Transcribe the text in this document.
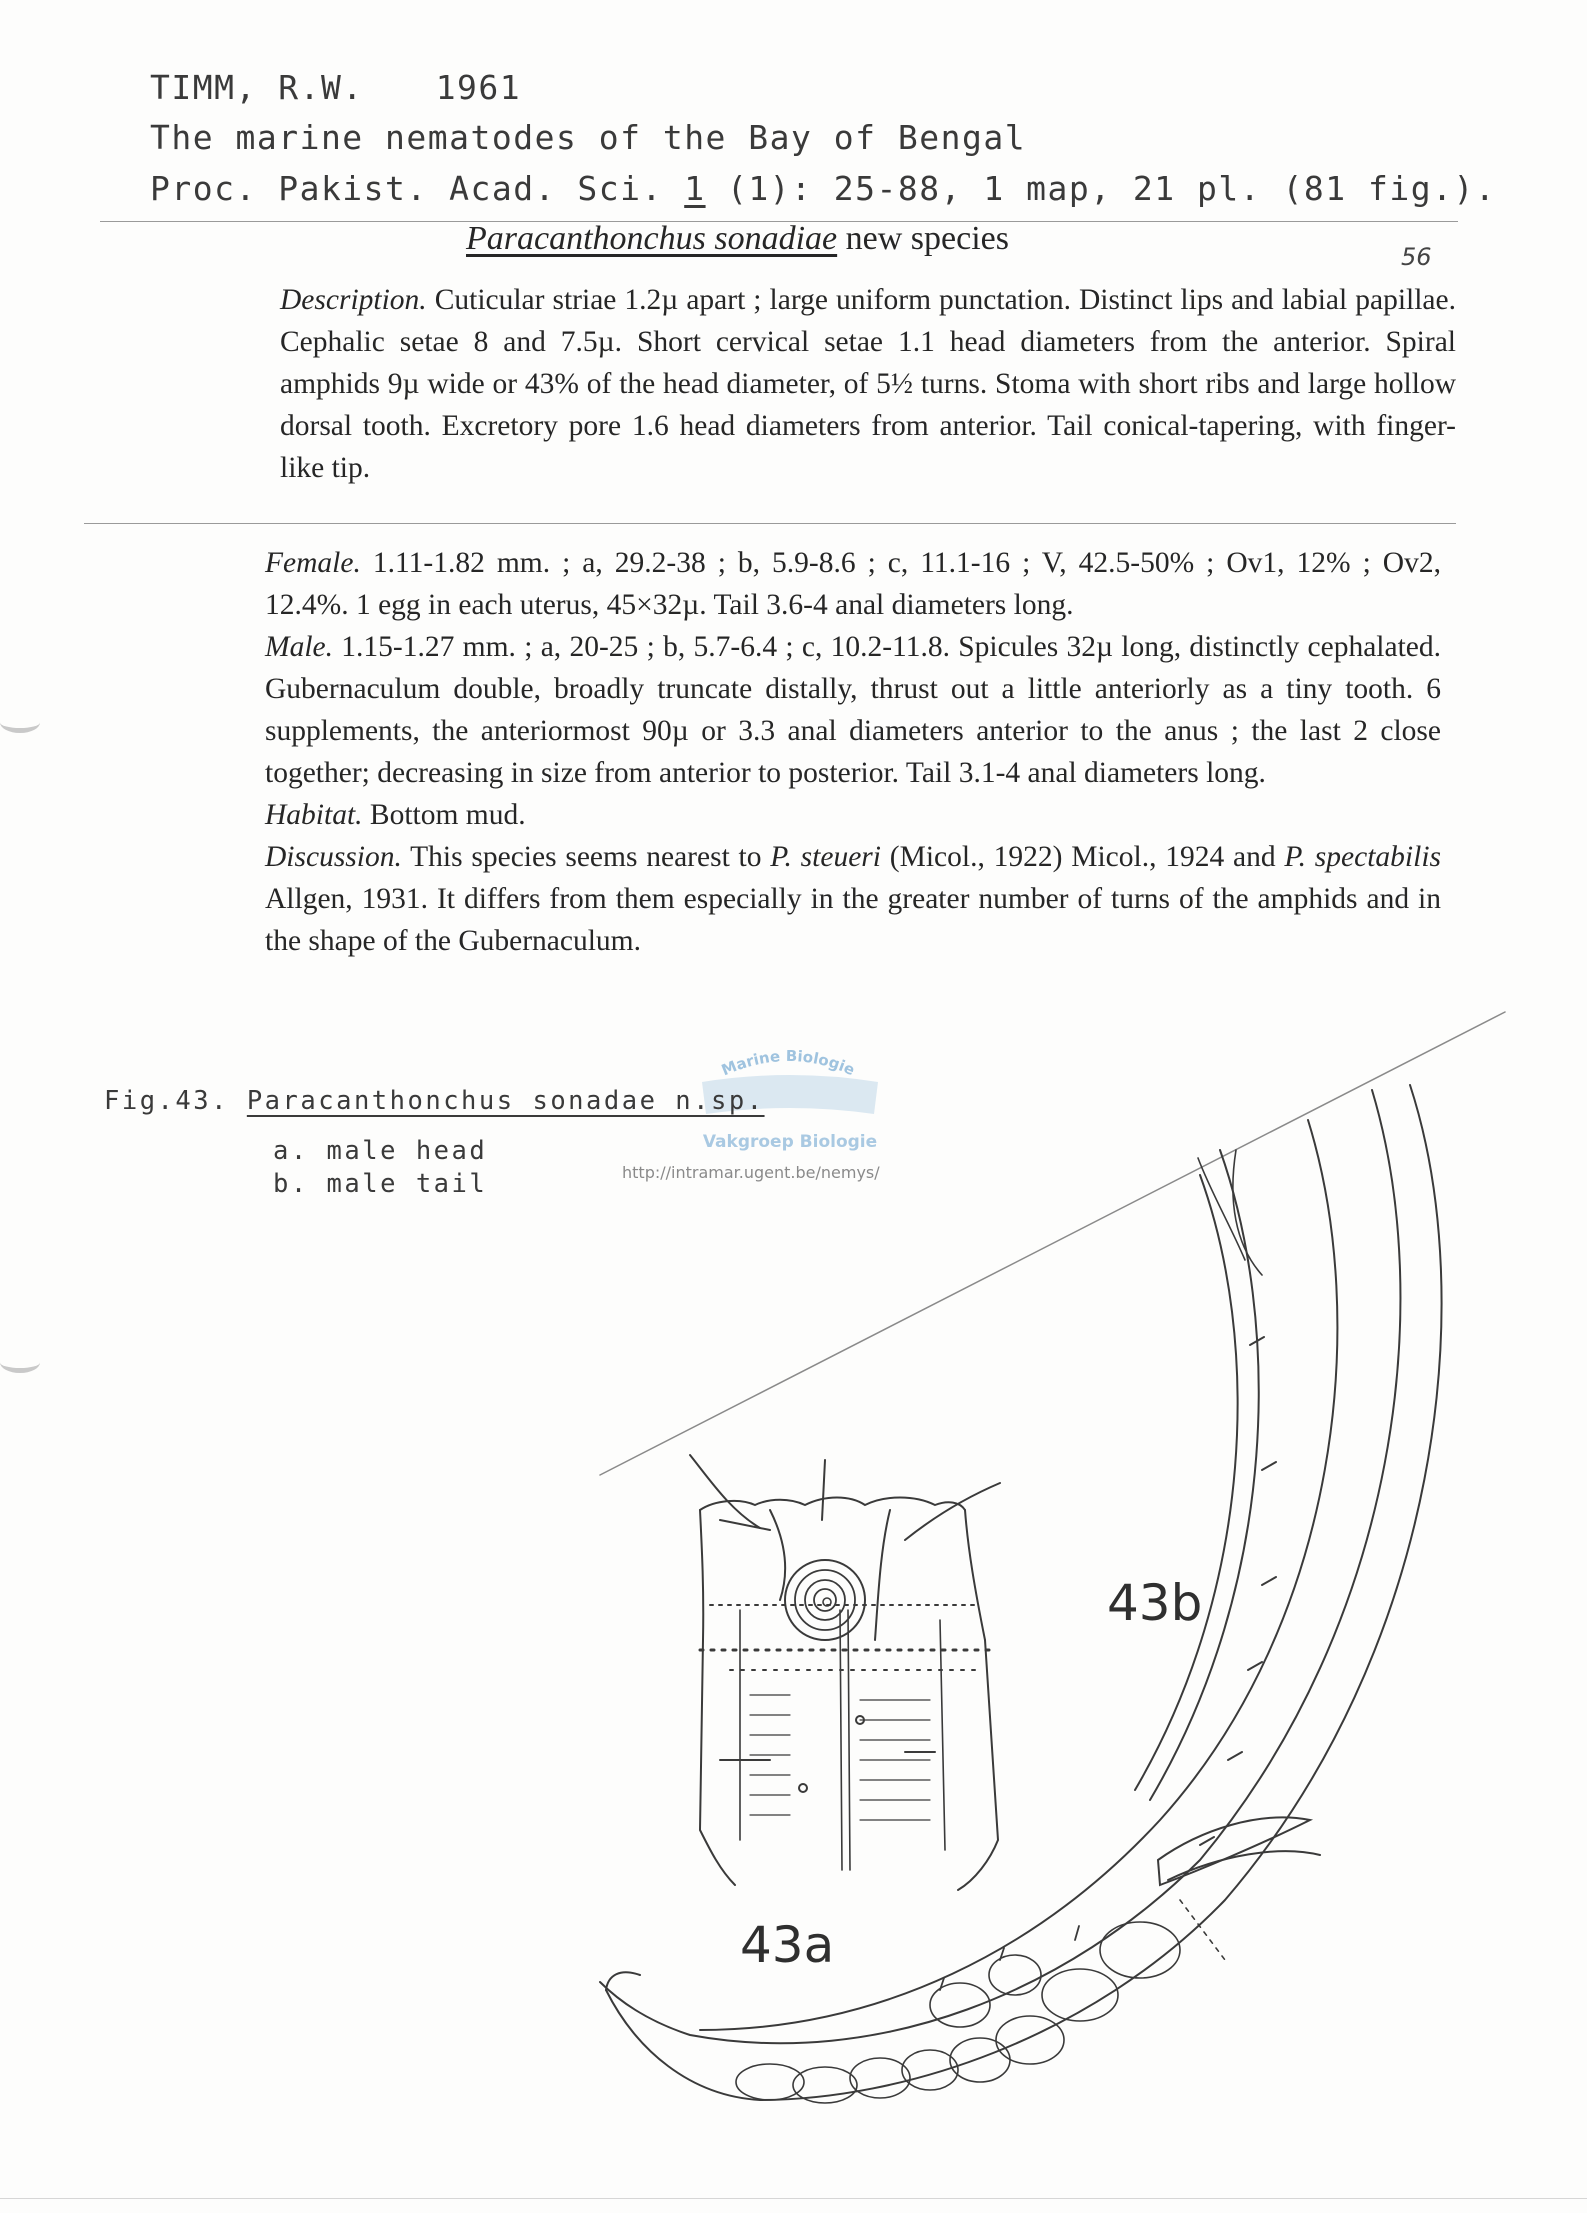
TIMM, R.W. 1961
The marine nematodes of the Bay of Bengal
Proc. Pakist. Acad. Sci. 1 (1): 25-88, 1 map, 21 pl. (81 fig.).
Paracanthonchus sonadiae new species	56

Description. Cuticular striae 1.2µ apart ; large uniform punctation. Distinct lips and labial papillae. Cephalic setae 8 and 7.5µ. Short cervical setae 1.1 head diameters from the anterior. Spiral amphids 9µ wide or 43% of the head diameter, of 5½ turns. Stoma with short ribs and large hollow dorsal tooth. Excretory pore 1.6 head diameters from anterior. Tail conical-tapering, with finger-like tip.

Female. 1.11-1.82 mm. ; a, 29.2-38 ; b, 5.9-8.6 ; c, 11.1-16 ; V, 42.5-50% ; Ov1, 12% ; Ov2, 12.4%. 1 egg in each uterus, 45×32µ. Tail 3.6-4 anal diameters long.

Male. 1.15-1.27 mm. ; a, 20-25 ; b, 5.7-6.4 ; c, 10.2-11.8. Spicules 32µ long, distinctly cephalated. Gubernaculum double, broadly truncate distally, thrust out a little anteriorly as a tiny tooth. 6 supplements, the anteriormost 90µ or 3.3 anal diameters anterior to the anus ; the last 2 close together; decreasing in size from anterior to posterior. Tail 3.1-4 anal diameters long.

Habitat. Bottom mud.

Discussion. This species seems nearest to P. steueri (Micol., 1922) Micol., 1924 and P. spectabilis Allgen, 1931. It differs from them especially in the greater number of turns of the amphids and in the shape of the Gubernaculum.

Marine Biologie
Vakgroep Biologie
http://intramar.ugent.be/nemys/
Fig.43. Paracanthonchus sonadae n.sp.
a. male head
b. male tail
43b
43a
